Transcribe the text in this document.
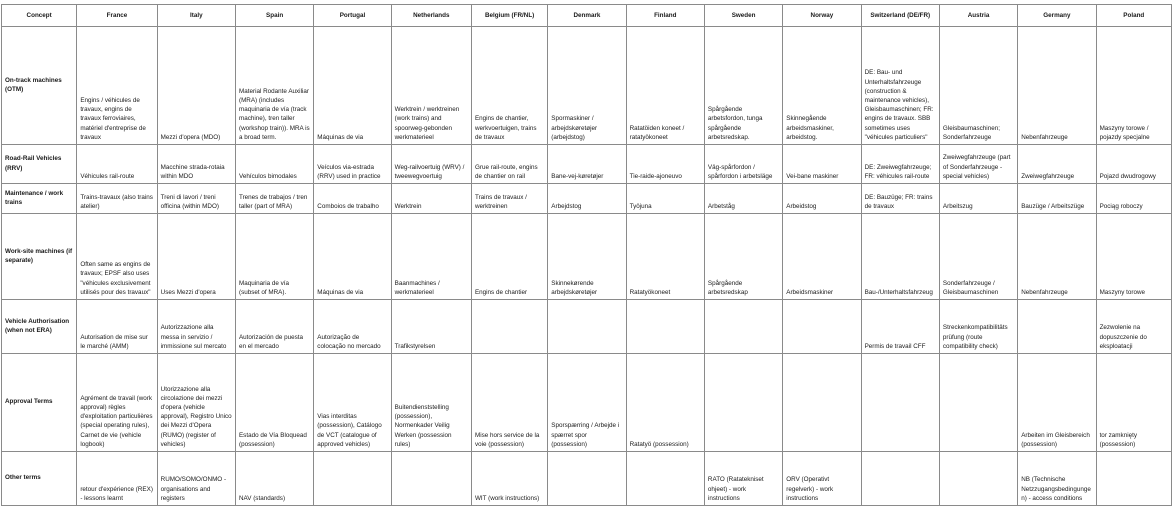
Concept	France	Italy	Spain	Portugal	Netherlands	Belgium (FR/NL)	Denmark	Finland	Sweden	Norway	Switzerland (DE/FR)	Austria	Germany	Poland
On-track machines (OTM)	Engins / véhicules de travaux, engins de travaux ferroviaires, matériel d'entreprise de travaux	Mezzi d'opera (MDO)	Material Rodante Auxiliar (MRA) (includes maquinaria de vía (track machine), tren taller (workshop train)). MRA is a broad term.	Máquinas de via	Werktrein / werktreinen (work trains) and spoorweg-gebonden werkmaterieel	Engins de chantier, werkvoertuigen, trains de travaux	Spormaskiner / arbejdskøretøjer (arbejdstog)	Ratatöiden koneet / ratatyökoneet	Spårgående arbetsfordon, tunga spårgående arbetsredskap.	Skinnegående arbeidsmaskiner, arbeidstog.	DE: Bau- und Unterhaltsfahrzeuge (construction & maintenance vehicles), Gleisbaumaschinen; FR: engins de travaux. SBB sometimes uses "véhicules particuliers"	Gleisbaumaschinen; Sonderfahrzeuge	Nebenfahrzeuge	Maszyny torowe / pojazdy specjalne
Road-Rail Vehicles (RRV)	Véhicules rail-route	Macchine strada-rotaia within MDO	Vehículos bimodales	Veículos via-estrada (RRV) used in practice	Weg-railvoertuig (WRV) / tweewegvoertuig	Grue rail-route, engins de chantier on rail	Bane-vej-køretøjer	Tie-raide-ajoneuvo	Väg-spårfordon / spårfordon i arbetsläge	Vei-bane maskiner	DE: Zweiwegfahrzeuge; FR: véhicules rail-route	Zweiwegfahrzeuge (part of Sonderfahrzeuge - special vehicles)	Zweiwegfahrzeuge	Pojazd dwudrogowy
Maintenance / work trains	Trains-travaux (also trains atelier)	Treni di lavori / treni officina (within MDO)	Trenes de trabajos / tren taller (part of MRA)	Comboios de trabalho	Werktrein	Trains de travaux / werktreinen	Arbejdstog	Työjuna	Arbetståg	Arbeidstog	DE: Bauzüge; FR: trains de travaux	Arbeitszug	Bauzüge / Arbeitszüge	Pociąg roboczy
Work-site machines (if separate)	Often same as engins de travaux; EPSF also uses "véhicules exclusivement utilisés pour des travaux"	Uses Mezzi d'opera	Maquinaria de vía (subset of MRA).	Máquinas de via	Baanmachines / werkmaterieel	Engins de chantier	Skinnekørende arbejdskøretøjer	Ratatyökoneet	Spårgående arbetsredskap	Arbeidsmaskiner	Bau-/Unterhaltsfahrzeug	Sonderfahrzeuge / Gleisbaumaschinen	Nebenfahrzeuge	Maszyny torowe
Vehicle Authorisation (when not ERA)	Autorisation de mise sur le marché (AMM)	Autorizzazione alla messa in servizio / immissione sul mercato	Autorización de puesta en el mercado	Autorização de colocação no mercado	Trafikstyrelsen						Permis de travail CFF	Streckenkompatibilitäts prüfung (route compatibility check)		Zezwolenie na dopuszczenie do eksploatacji
Approval Terms	Agrément de travail (work approval) règles d'exploitation particulières (special operating rules), Carnet de vie (vehicle logbook)	Utorizzazione alla circolazione dei mezzi d'opera (vehicle approval), Registro Unico dei Mezzi d'Opera (RUMO) (register of vehicles)	Estado de Vía Bloquead (possession)	Vias interditas (possession), Catálogo de VCT (catalogue of approved vehicles)	Buitendienststelling (possession), Normenkader Veilig Werken (possession rules)	Mise hors service de la voie (possession)	Sporspærring / Arbejde i spærret spor (possession)	Ratatyö (possession)					Arbeiten im Gleisbereich (possession)	tor zamknięty (possession)
Other terms	retour d'expérience (REX) - lessons learnt	RUMO/SOMO/ONMO - organisations and registers	NAV (standards)			WIT (work instructions)			RATO (Ratatekniset ohjeet) - work instructions	ORV (Operativt regelverk) - work instructions			NB (Technische Netzzugangsbedingungen) - access conditions	
